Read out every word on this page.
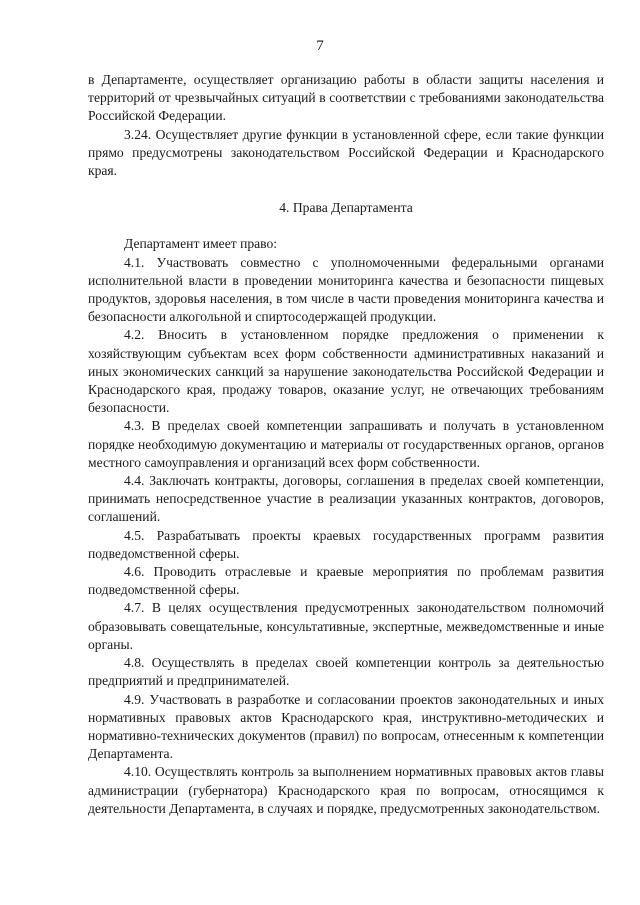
7

в Департаменте, осуществляет организацию работы в области защиты населения и территорий от чрезвычайных ситуаций в соответствии с требованиями законодательства Российской Федерации.

3.24. Осуществляет другие функции в установленной сфере, если такие функции прямо предусмотрены законодательством Российской Федерации и Краснодарского края.

4. Права Департамента

Департамент имеет право:

4.1. Участвовать совместно с уполномоченными федеральными органами исполнительной власти в проведении мониторинга качества и безопасности пищевых продуктов, здоровья населения, в том числе в части проведения мониторинга качества и безопасности алкогольной и спиртосодержащей продукции.

4.2. Вносить в установленном порядке предложения о применении к хозяйствующим субъектам всех форм собственности административных наказаний и иных экономических санкций за нарушение законодательства Российской Федерации и Краснодарского края, продажу товаров, оказание услуг, не отвечающих требованиям безопасности.

4.3. В пределах своей компетенции запрашивать и получать в установленном порядке необходимую документацию и материалы от государственных органов, органов местного самоуправления и организаций всех форм собственности.

4.4. Заключать контракты, договоры, соглашения в пределах своей компетенции, принимать непосредственное участие в реализации указанных контрактов, договоров, соглашений.

4.5. Разрабатывать проекты краевых государственных программ развития подведомственной сферы.

4.6. Проводить отраслевые и краевые мероприятия по проблемам развития подведомственной сферы.

4.7. В целях осуществления предусмотренных законодательством полномочий образовывать совещательные, консультативные, экспертные, межведомственные и иные органы.

4.8. Осуществлять в пределах своей компетенции контроль за деятельностью предприятий и предпринимателей.

4.9. Участвовать в разработке и согласовании проектов законодательных и иных нормативных правовых актов Краснодарского края, инструктивно-методических и нормативно-технических документов (правил) по вопросам, отнесенным к компетенции Департамента.

4.10. Осуществлять контроль за выполнением нормативных правовых актов главы администрации (губернатора) Краснодарского края по вопросам, относящимся к деятельности Департамента, в случаях и порядке, предусмотренных законодательством.
